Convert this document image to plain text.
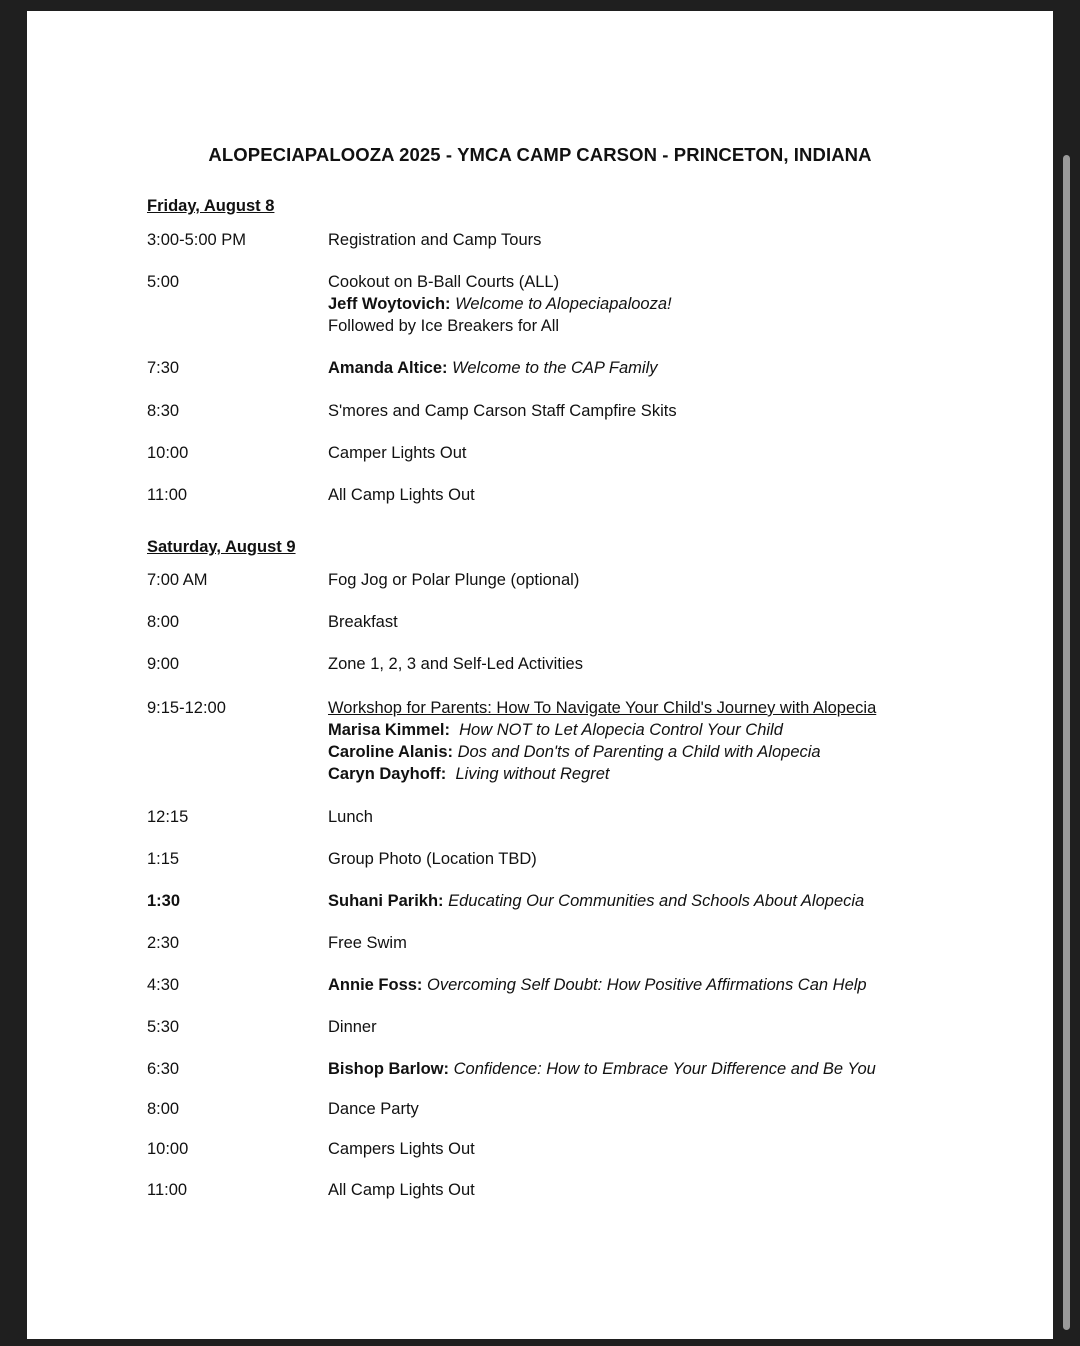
ALOPECIAPALOOZA 2025 - YMCA CAMP CARSON - PRINCETON, INDIANA
Friday, August 8
3:00-5:00 PM	Registration and Camp Tours
5:00	Cookout on B-Ball Courts (ALL)
Jeff Woytovich: Welcome to Alopeciapalooza!
Followed by Ice Breakers for All
7:30	Amanda Altice: Welcome to the CAP Family
8:30	S'mores and Camp Carson Staff Campfire Skits
10:00	Camper Lights Out
11:00	All Camp Lights Out
Saturday, August 9
7:00 AM	Fog Jog or Polar Plunge (optional)
8:00	Breakfast
9:00	Zone 1, 2, 3 and Self-Led Activities
9:15-12:00	Workshop for Parents: How To Navigate Your Child's Journey with Alopecia
Marisa Kimmel: How NOT to Let Alopecia Control Your Child
Caroline Alanis: Dos and Don'ts of Parenting a Child with Alopecia
Caryn Dayhoff: Living without Regret
12:15	Lunch
1:15	Group Photo (Location TBD)
1:30	Suhani Parikh: Educating Our Communities and Schools About Alopecia
2:30	Free Swim
4:30	Annie Foss: Overcoming Self Doubt: How Positive Affirmations Can Help
5:30	Dinner
6:30	Bishop Barlow: Confidence: How to Embrace Your Difference and Be You
8:00	Dance Party
10:00	Campers Lights Out
11:00	All Camp Lights Out
